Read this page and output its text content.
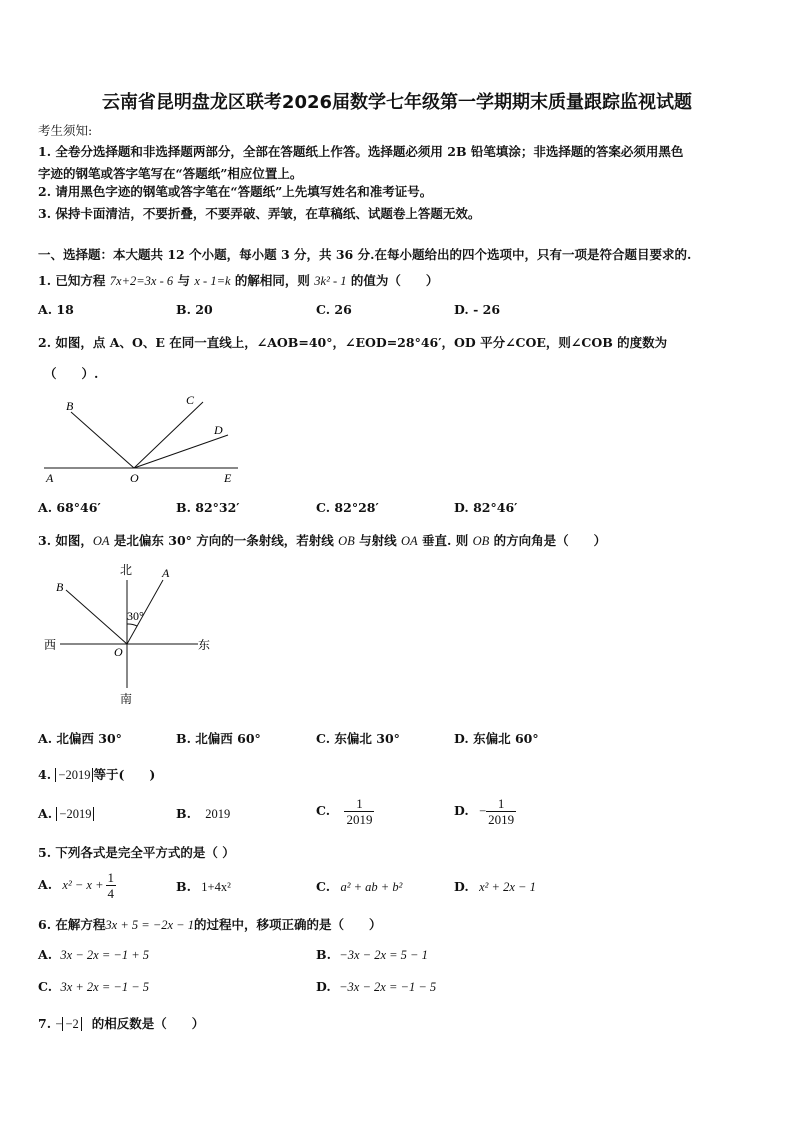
云南省昆明盘龙区联考2026届数学七年级第一学期期末质量跟踪监视试题
考生须知:
1. 全卷分选择题和非选择题两部分，全部在答题纸上作答。选择题必须用 2B 铅笔填涂；非选择题的答案必须用黑色
字迹的钢笔或答字笔写在“答题纸”相应位置上。
2. 请用黑色字迹的钢笔或答字笔在“答题纸”上先填写姓名和准考证号。
3. 保持卡面清洁，不要折叠，不要弄破、弄皱，在草稿纸、试题卷上答题无效。
一、选择题：本大题共 12 个小题，每小题 3 分，共 36 分.在每小题给出的四个选项中，只有一项是符合题目要求的.
1. 已知方程 7x+2=3x - 6 与 x - 1=k 的解相同，则 3k² - 1 的值为（　　）
A. 18	B. 20	C. 26	D. - 26
2. 如图，点 A、O、E 在同一直线上，∠AOB=40°，∠EOD=28°46′，OD 平分∠COE，则∠COB 的度数为
（　　）.
B	C
D
A	O	E
A. 68°46′	B. 82°32′	C. 82°28′	D. 82°46′
3. 如图，OA 是北偏东 30° 方向的一条射线，若射线 OB 与射线 OA 垂直. 则 OB 的方向角是（　　）
北
南
东
西
A
B
O
30°
A. 北偏西 30°	B. 北偏西 60°	C. 东偏北 30°	D. 东偏北 60°
4. −2019 等于(　　)
A. −2019	B. 2019	C. $\frac{1}{2019}$	D. − $\frac{1}{2019}$
5. 下列各式是完全平方式的是（ ）
A. $x^2 - x + \frac{1}{4}$	B. 1+4x²	C. a² + ab + b²	D. x² + 2x − 1
6. 在解方程3x + 5 = −2x − 1的过程中，移项正确的是（　　）
A. 3x − 2x = −1 + 5	B. −3x − 2x = 5 − 1
C. 3x + 2x = −1 − 5	D. −3x − 2x = −1 − 5
7. − −2 的相反数是（　　）
